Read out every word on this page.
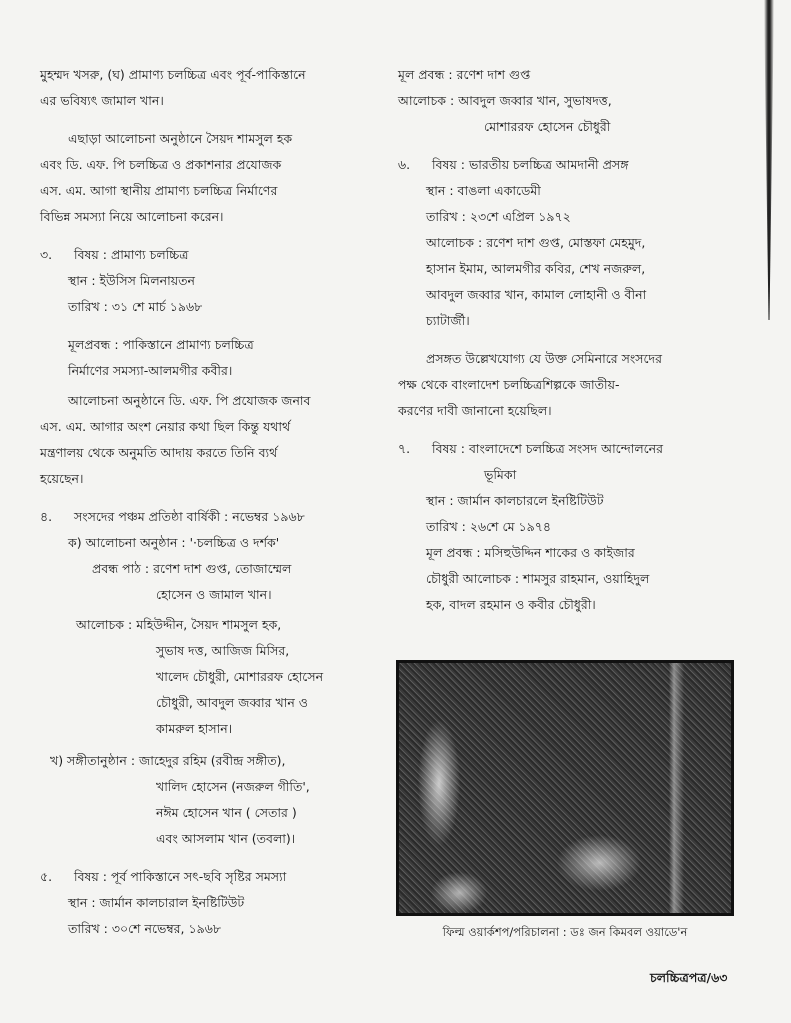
মুহম্মদ খসরু, (ঘ) প্রামাণ্য চলচ্চিত্র এবং পূর্ব-পাকিস্তানে
এর ভবিষ্যৎ জামাল খান।
এছাড়া আলোচনা অনুষ্ঠানে সৈয়দ শামসুল হক
এবং ডি. এফ. পি চলচ্চিত্র ও প্রকাশনার প্রযোজক
এস. এম. আগা স্থানীয় প্রামাণ্য চলচ্চিত্র নির্মাণের
বিভিন্ন সমস্যা নিয়ে আলোচনা করেন।
৩. বিষয় : প্রামাণ্য চলচ্চিত্র
স্থান : ইউসিস মিলনায়তন
তারিখ : ৩১ শে মার্চ ১৯৬৮
মূলপ্রবন্ধ : পাকিস্তানে প্রামাণ্য চলচ্চিত্র
নির্মাণের সমস্যা-আলমগীর কবীর।
আলোচনা অনুষ্ঠানে ডি. এফ. পি প্রযোজক জনাব
এস. এম. আগার অংশ নেয়ার কথা ছিল কিন্তু যথার্থ
মন্ত্রণালয় থেকে অনুমতি আদায় করতে তিনি ব্যর্থ
হয়েছেন।
৪. সংসদের পঞ্চম প্রতিষ্ঠা বার্ষিকী : নভেম্বর ১৯৬৮
ক) আলোচনা অনুষ্ঠান : '·চলচ্চিত্র ও দর্শক'
প্রবন্ধ পাঠ : রণেশ দাশ গুপ্ত, তোজাম্মেল
হোসেন ও জামাল খান।
আলোচক : মহিউদ্দীন, সৈয়দ শামসুল হক,
সুভাষ দত্ত, আজিজ মিসির,
খালেদ চৌধুরী, মোশাররফ হোসেন
চৌধুরী, আবদুল জব্বার খান ও
কামরুল হাসান।
খ) সঙ্গীতানুষ্ঠান : জাহেদুর রহিম (রবীন্দ্র সঙ্গীত),
খালিদ হোসেন (নজরুল গীতি',
নঈম হোসেন খান ( সেতার )
এবং আসলাম খান (তবলা)।
৫. বিষয় : পূর্ব পাকিস্তানে সৎ-ছবি সৃষ্টির সমস্যা
স্থান : জার্মান কালচারাল ইনষ্টিটিউট
তারিখ : ৩০শে নভেম্বর, ১৯৬৮
মূল প্রবন্ধ : রণেশ দাশ গুপ্ত
আলোচক : আবদুল জব্বার খান, সুভাষদত্ত,
মোশাররফ হোসেন চৌধুরী
৬. বিষয় : ভারতীয় চলচ্চিত্র আমদানী প্রসঙ্গ
স্থান : বাঙলা একাডেমী
তারিখ : ২৩শে এপ্রিল ১৯৭২
আলোচক : রণেশ দাশ গুপ্ত, মোস্তফা মেহমুদ,
হাসান ইমাম, আলমগীর কবির, শেখ নজরুল,
আবদুল জব্বার খান, কামাল লোহানী ও বীনা
চ্যাটার্জী।
প্রসঙ্গত উল্লেখযোগ্য যে উক্ত সেমিনারে সংসদের
পক্ষ থেকে বাংলাদেশ চলচ্চিত্রশিল্পকে জাতীয়-
করণের দাবী জানানো হয়েছিল।
৭. বিষয় : বাংলাদেশে চলচ্চিত্র সংসদ আন্দোলনের
ভূমিকা
স্থান : জার্মান কালচারলে ইনষ্টিটিউট
তারিখ : ২৬শে মে ১৯৭৪
মূল প্রবন্ধ : মসিহুউদ্দিন শাকের ও কাইজার
চৌধুরী আলোচক : শামসুর রাহমান, ওয়াহিদুল
হক, বাদল রহমান ও কবীর চৌধুরী।
ফিল্ম ওয়ার্কশপ/পরিচালনা : ডঃ জন কিমবল ওয়াডে'ন
চলচ্চিত্রপত্র/৬৩
